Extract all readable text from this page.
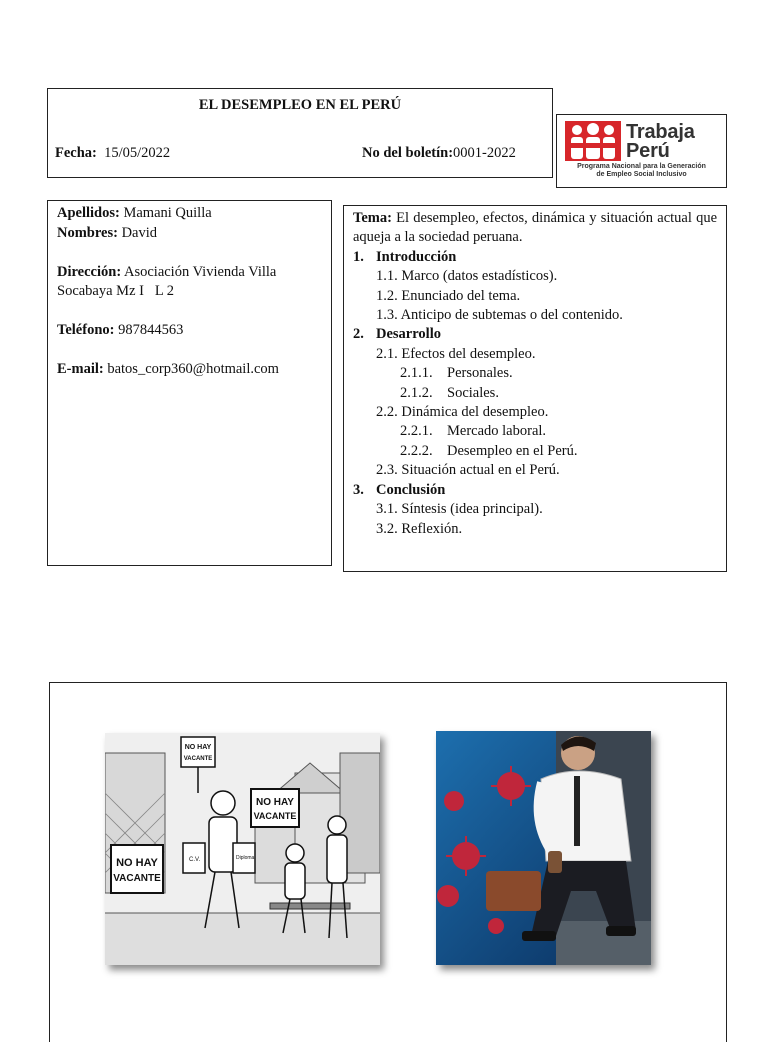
EL DESEMPLEO EN EL PERÚ
Fecha: 15/05/2022	No del boletín:0001-2022
Trabaja
Perú
Programa Nacional para la Generación
de Empleo Social Inclusivo

Apellidos: Mamani Quilla

Nombres: David

Dirección: Asociación Vivienda Villa Socabaya Mz I   L 2

Teléfono: 987844563

E-mail: batos_corp360@hotmail.com

Tema: El desempleo, efectos, dinámica y situación actual que aqueja a la sociedad peruana.

1. Introducción
1.1. Marco (datos estadísticos).
1.2. Enunciado del tema.
1.3. Anticipo de subtemas o del contenido.
2. Desarrollo
2.1. Efectos del desempleo.
2.1.1. Personales.
2.1.2. Sociales.
2.2. Dinámica del desempleo.
2.2.1. Mercado laboral.
2.2.2. Desempleo en el Perú.
2.3. Situación actual en el Perú.
3. Conclusión
3.1. Síntesis (idea principal).
3.2. Reflexión.
NO HAY
VACANTE
NO HAY
VACANTE
NO HAY
VACANTE
C.V.	Diploma
